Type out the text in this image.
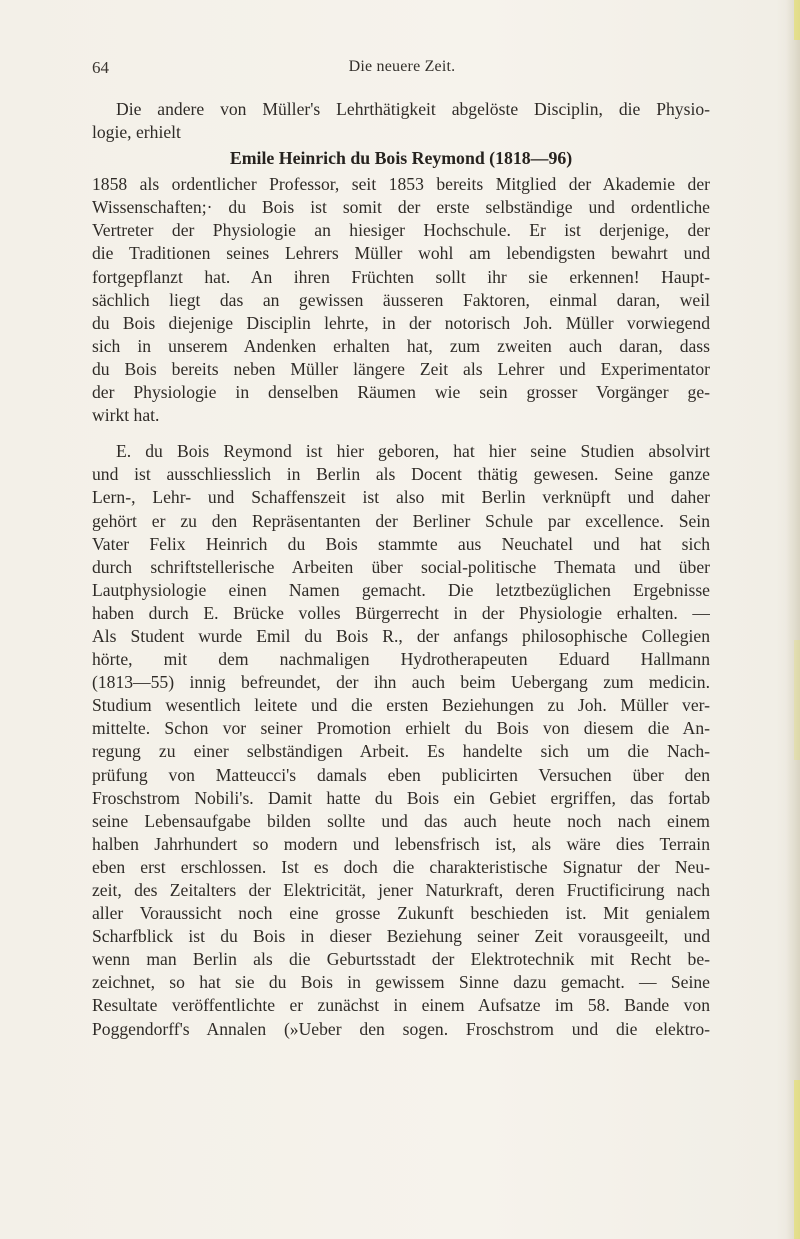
64	Die neuere Zeit.
Die andere von Müller's Lehrthätigkeit abgelöste Disciplin, die Physio-
logie, erhielt
Emile Heinrich du Bois Reymond (1818—96)
1858 als ordentlicher Professor, seit 1853 bereits Mitglied der Akademie der
Wissenschaften;· du Bois ist somit der erste selbständige und ordentliche
Vertreter der Physiologie an hiesiger Hochschule. Er ist derjenige, der
die Traditionen seines Lehrers Müller wohl am lebendigsten bewahrt und
fortgepflanzt hat. An ihren Früchten sollt ihr sie erkennen! Haupt-
sächlich liegt das an gewissen äusseren Faktoren, einmal daran, weil
du Bois diejenige Disciplin lehrte, in der notorisch Joh. Müller vorwiegend
sich in unserem Andenken erhalten hat, zum zweiten auch daran, dass
du Bois bereits neben Müller längere Zeit als Lehrer und Experimentator
der Physiologie in denselben Räumen wie sein grosser Vorgänger ge-
wirkt hat.
E. du Bois Reymond ist hier geboren, hat hier seine Studien absolvirt
und ist ausschliesslich in Berlin als Docent thätig gewesen. Seine ganze
Lern-, Lehr- und Schaffenszeit ist also mit Berlin verknüpft und daher
gehört er zu den Repräsentanten der Berliner Schule par excellence. Sein
Vater Felix Heinrich du Bois stammte aus Neuchatel und hat sich
durch schriftstellerische Arbeiten über social-politische Themata und über
Lautphysiologie einen Namen gemacht. Die letztbezüglichen Ergebnisse
haben durch E. Brücke volles Bürgerrecht in der Physiologie erhalten. —
Als Student wurde Emil du Bois R., der anfangs philosophische Collegien
hörte, mit dem nachmaligen Hydrotherapeuten Eduard Hallmann
(1813—55) innig befreundet, der ihn auch beim Uebergang zum medicin.
Studium wesentlich leitete und die ersten Beziehungen zu Joh. Müller ver-
mittelte. Schon vor seiner Promotion erhielt du Bois von diesem die An-
regung zu einer selbständigen Arbeit. Es handelte sich um die Nach-
prüfung von Matteucci's damals eben publicirten Versuchen über den
Froschstrom Nobili's. Damit hatte du Bois ein Gebiet ergriffen, das fortab
seine Lebensaufgabe bilden sollte und das auch heute noch nach einem
halben Jahrhundert so modern und lebensfrisch ist, als wäre dies Terrain
eben erst erschlossen. Ist es doch die charakteristische Signatur der Neu-
zeit, des Zeitalters der Elektricität, jener Naturkraft, deren Fructificirung nach
aller Voraussicht noch eine grosse Zukunft beschieden ist. Mit genialem
Scharfblick ist du Bois in dieser Beziehung seiner Zeit vorausgeeilt, und
wenn man Berlin als die Geburtsstadt der Elektrotechnik mit Recht be-
zeichnet, so hat sie du Bois in gewissem Sinne dazu gemacht. — Seine
Resultate veröffentlichte er zunächst in einem Aufsatze im 58. Bande von
Poggendorff's Annalen (»Ueber den sogen. Froschstrom und die elektro-
